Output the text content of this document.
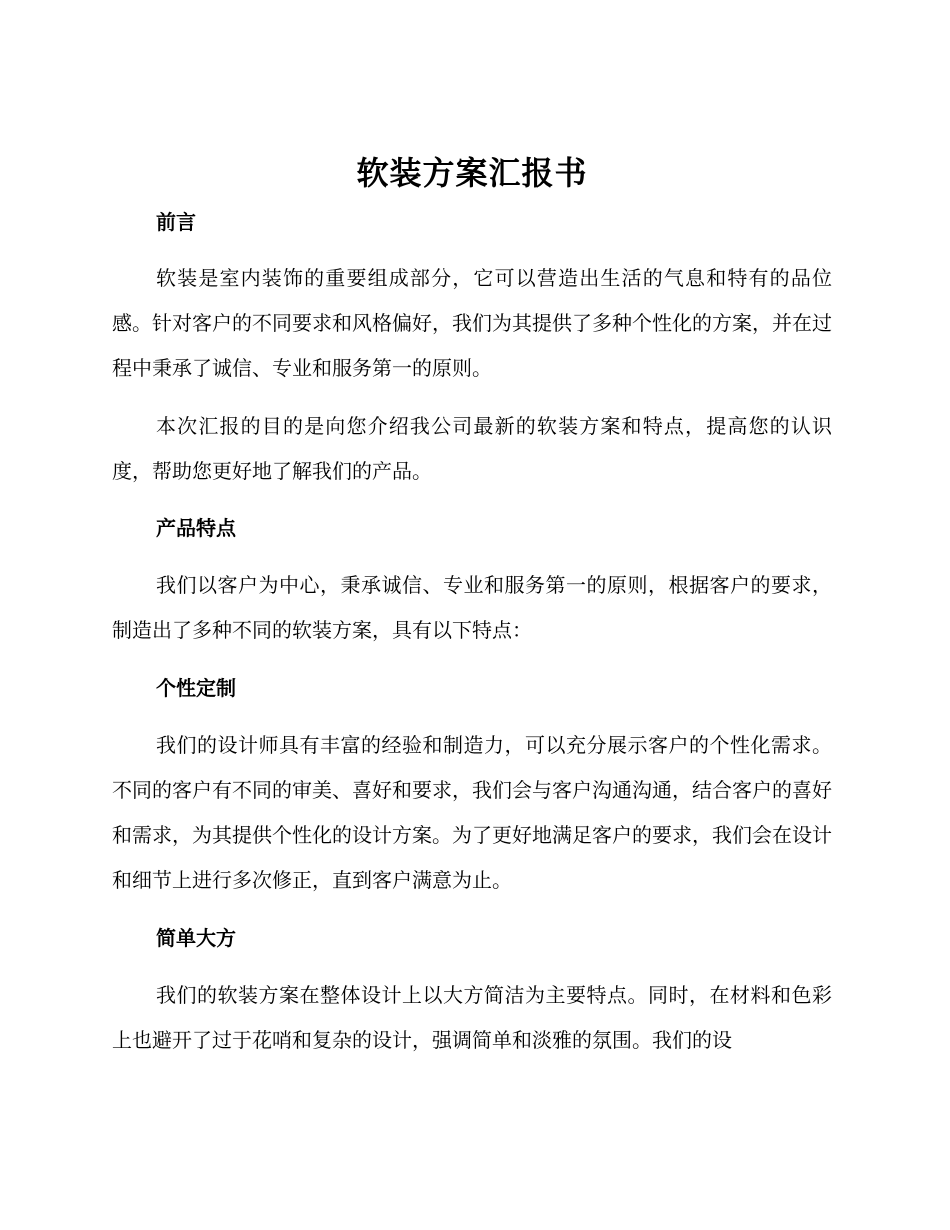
软装方案汇报书
前言

软装是室内装饰的重要组成部分，它可以营造出生活的气息和特有的品位感。针对客户的不同要求和风格偏好，我们为其提供了多种个性化的方案，并在过程中秉承了诚信、专业和服务第一的原则。

本次汇报的目的是向您介绍我公司最新的软装方案和特点，提高您的认识度，帮助您更好地了解我们的产品。

产品特点

我们以客户为中心，秉承诚信、专业和服务第一的原则，根据客户的要求，制造出了多种不同的软装方案，具有以下特点：

个性定制

我们的设计师具有丰富的经验和制造力，可以充分展示客户的个性化需求。不同的客户有不同的审美、喜好和要求，我们会与客户沟通沟通，结合客户的喜好和需求，为其提供个性化的设计方案。为了更好地满足客户的要求，我们会在设计和细节上进行多次修正，直到客户满意为止。

简单大方

我们的软装方案在整体设计上以大方简洁为主要特点。同时，在材料和色彩上也避开了过于花哨和复杂的设计，强调简单和淡雅的氛围。我们的设
